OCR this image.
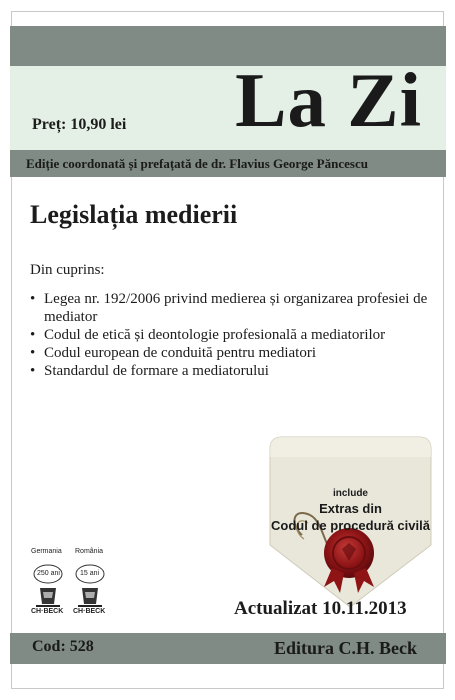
Preț: 10,90 lei La Zi
Ediție coordonată și prefațată de dr. Flavius George Păncescu
Legislația medierii
Din cuprins:
• Legea nr. 192/2006 privind medierea și organizarea profesiei de mediator
• Codul de etică și deontologie profesională a mediatorilor
• Codul european de conduită pentru mediatori
• Standardul de formare a mediatorului
include
Extras din
Codul de procedură civilă
Germania
250 ani
România
15 ani
CH·BECK CH·BECK	Actualizat 10.11.2013
Cod: 528	Editura C.H. Beck
